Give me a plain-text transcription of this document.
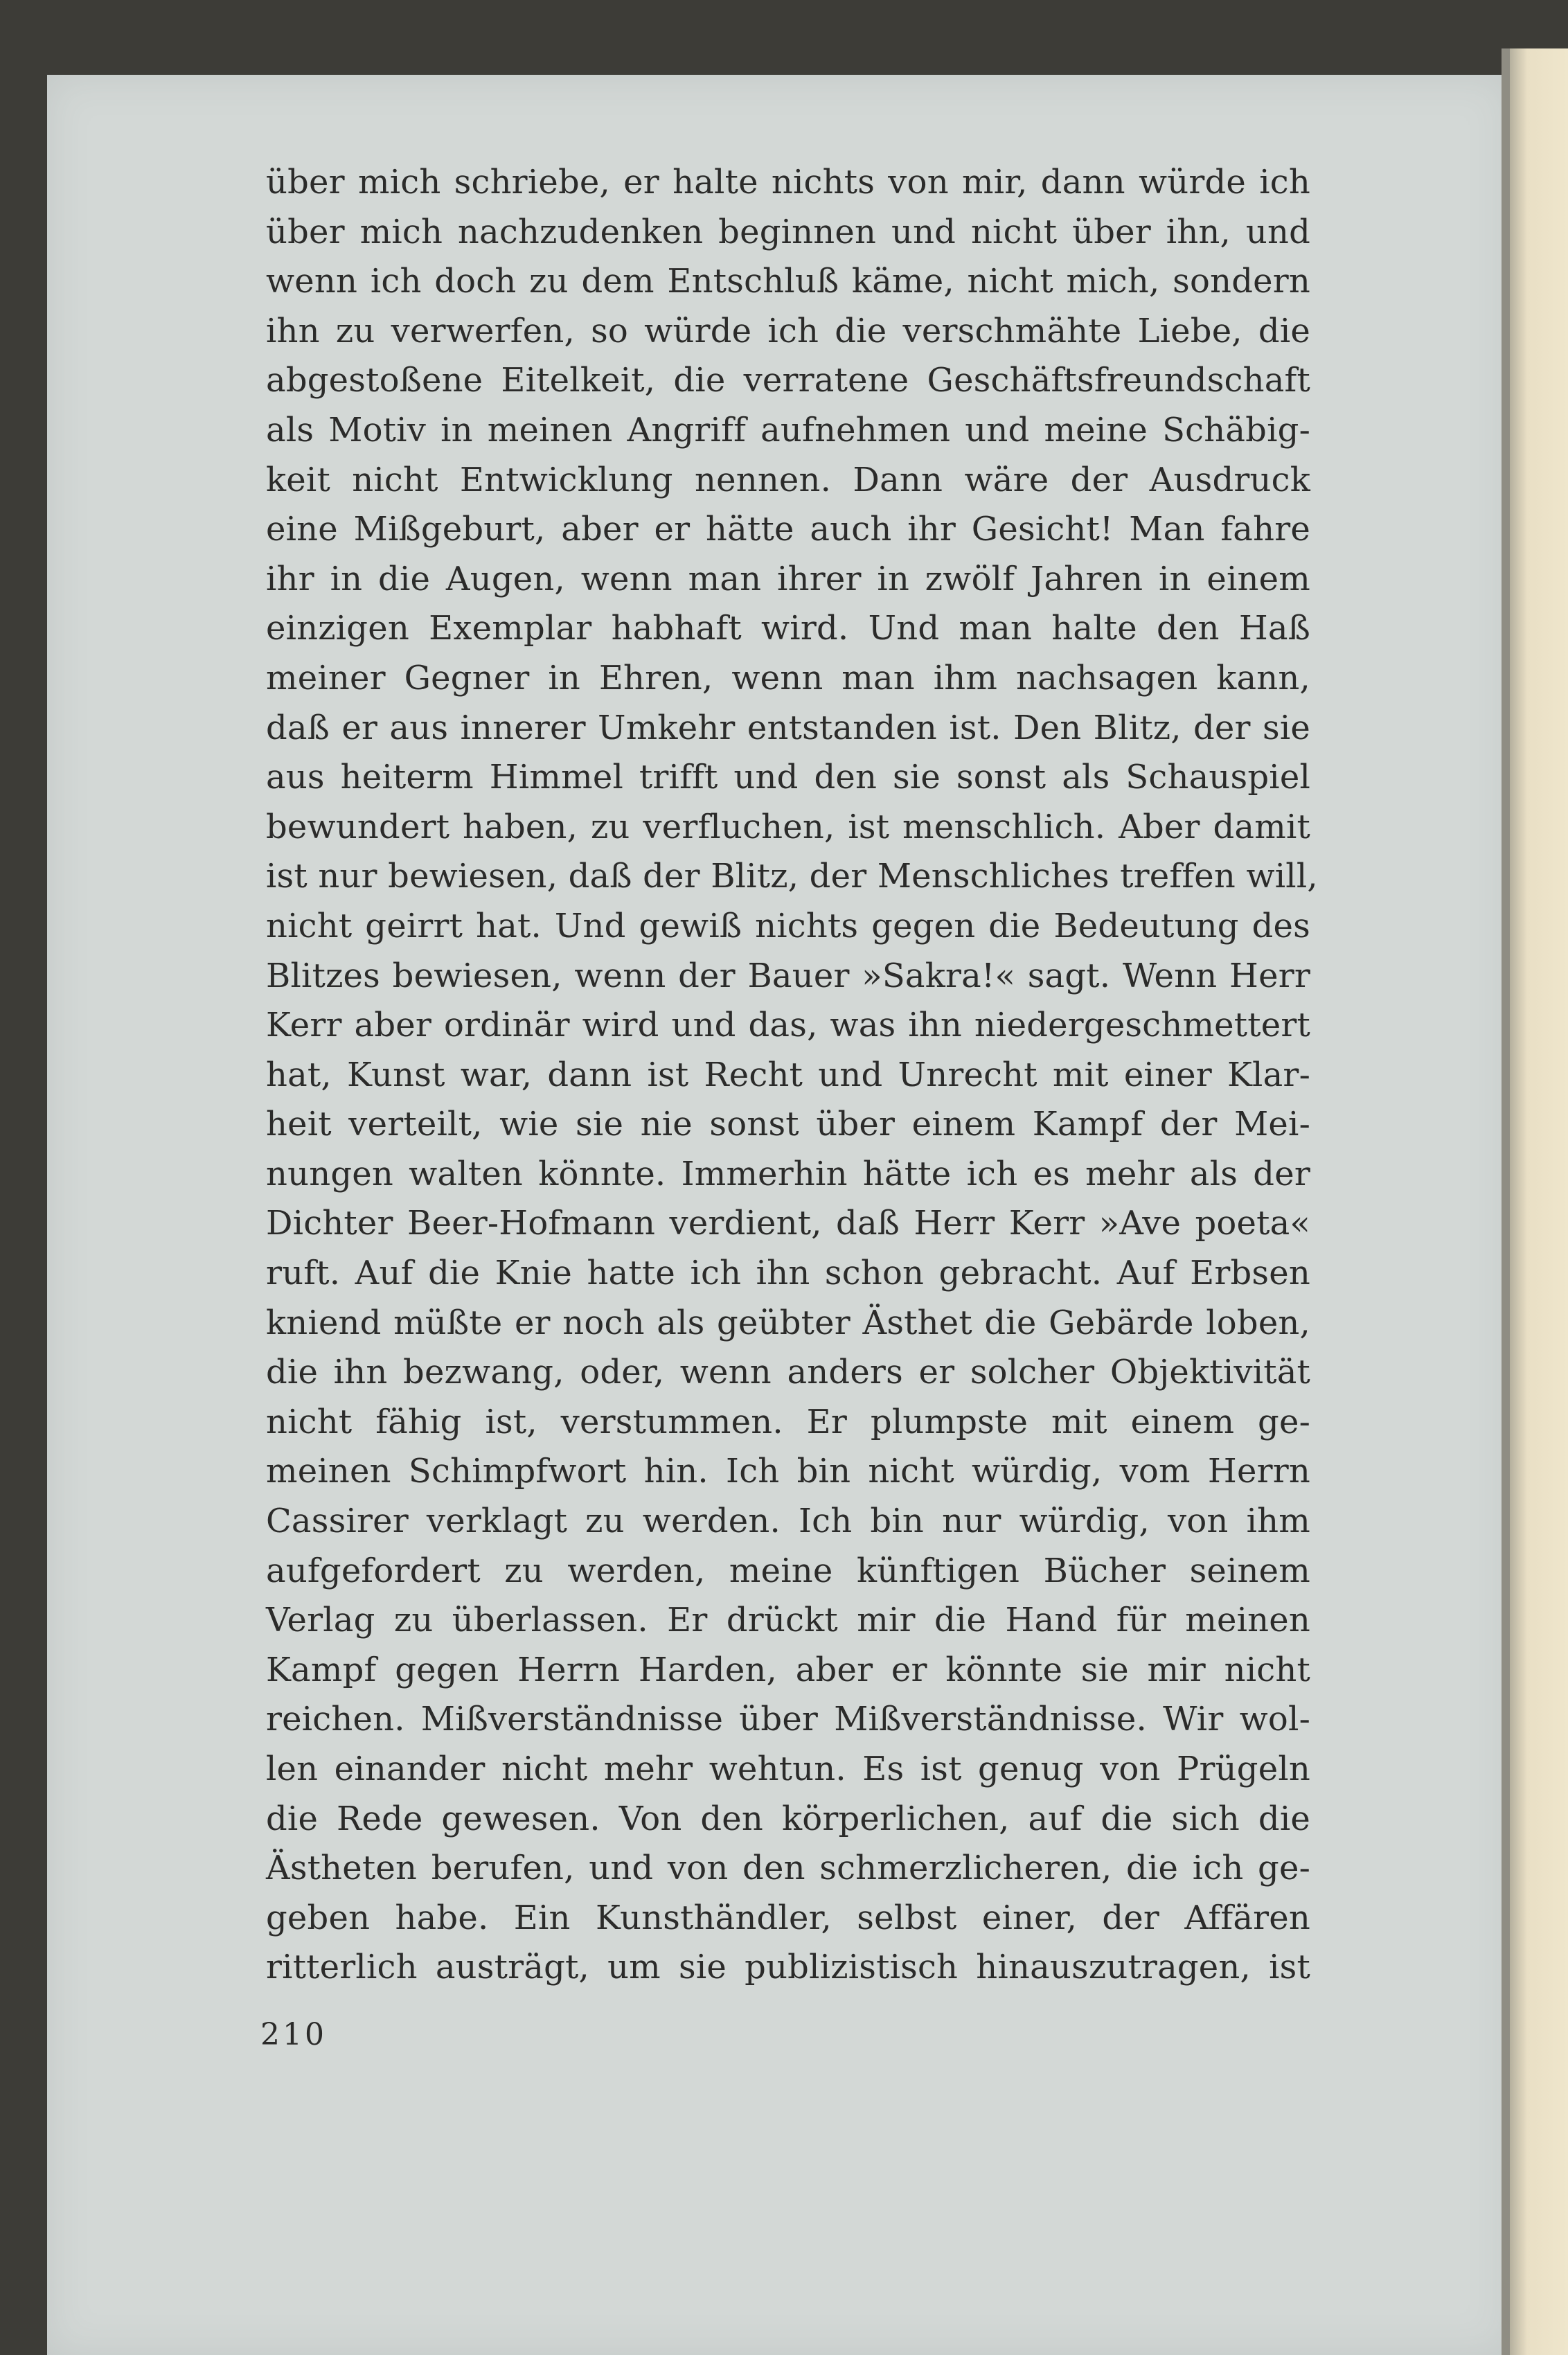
über mich schriebe, er halte nichts von mir, dann würde ich
über mich nachzudenken beginnen und nicht über ihn, und
wenn ich doch zu dem Entschluß käme, nicht mich, sondern
ihn zu verwerfen, so würde ich die verschmähte Liebe, die
abgestoßene Eitelkeit, die verratene Geschäftsfreundschaft
als Motiv in meinen Angriff aufnehmen und meine Schäbig-
keit nicht Entwicklung nennen. Dann wäre der Ausdruck
eine Mißgeburt, aber er hätte auch ihr Gesicht! Man fahre
ihr in die Augen, wenn man ihrer in zwölf Jahren in einem
einzigen Exemplar habhaft wird. Und man halte den Haß
meiner Gegner in Ehren, wenn man ihm nachsagen kann,
daß er aus innerer Umkehr entstanden ist. Den Blitz, der sie
aus heiterm Himmel trifft und den sie sonst als Schauspiel
bewundert haben, zu verfluchen, ist menschlich. Aber damit
ist nur bewiesen, daß der Blitz, der Menschliches treffen will,
nicht geirrt hat. Und gewiß nichts gegen die Bedeutung des
Blitzes bewiesen, wenn der Bauer »Sakra!« sagt. Wenn Herr
Kerr aber ordinär wird und das, was ihn niedergeschmettert
hat, Kunst war, dann ist Recht und Unrecht mit einer Klar-
heit verteilt, wie sie nie sonst über einem Kampf der Mei-
nungen walten könnte. Immerhin hätte ich es mehr als der
Dichter Beer-Hofmann verdient, daß Herr Kerr »Ave poeta«
ruft. Auf die Knie hatte ich ihn schon gebracht. Auf Erbsen
kniend müßte er noch als geübter Ästhet die Gebärde loben,
die ihn bezwang, oder, wenn anders er solcher Objektivität
nicht fähig ist, verstummen. Er plumpste mit einem ge-
meinen Schimpfwort hin. Ich bin nicht würdig, vom Herrn
Cassirer verklagt zu werden. Ich bin nur würdig, von ihm
aufgefordert zu werden, meine künftigen Bücher seinem
Verlag zu überlassen. Er drückt mir die Hand für meinen
Kampf gegen Herrn Harden, aber er könnte sie mir nicht
reichen. Mißverständnisse über Mißverständnisse. Wir wol-
len einander nicht mehr wehtun. Es ist genug von Prügeln
die Rede gewesen. Von den körperlichen, auf die sich die
Ästheten berufen, und von den schmerzlicheren, die ich ge-
geben habe. Ein Kunsthändler, selbst einer, der Affären
ritterlich austrägt, um sie publizistisch hinauszutragen, ist
210
